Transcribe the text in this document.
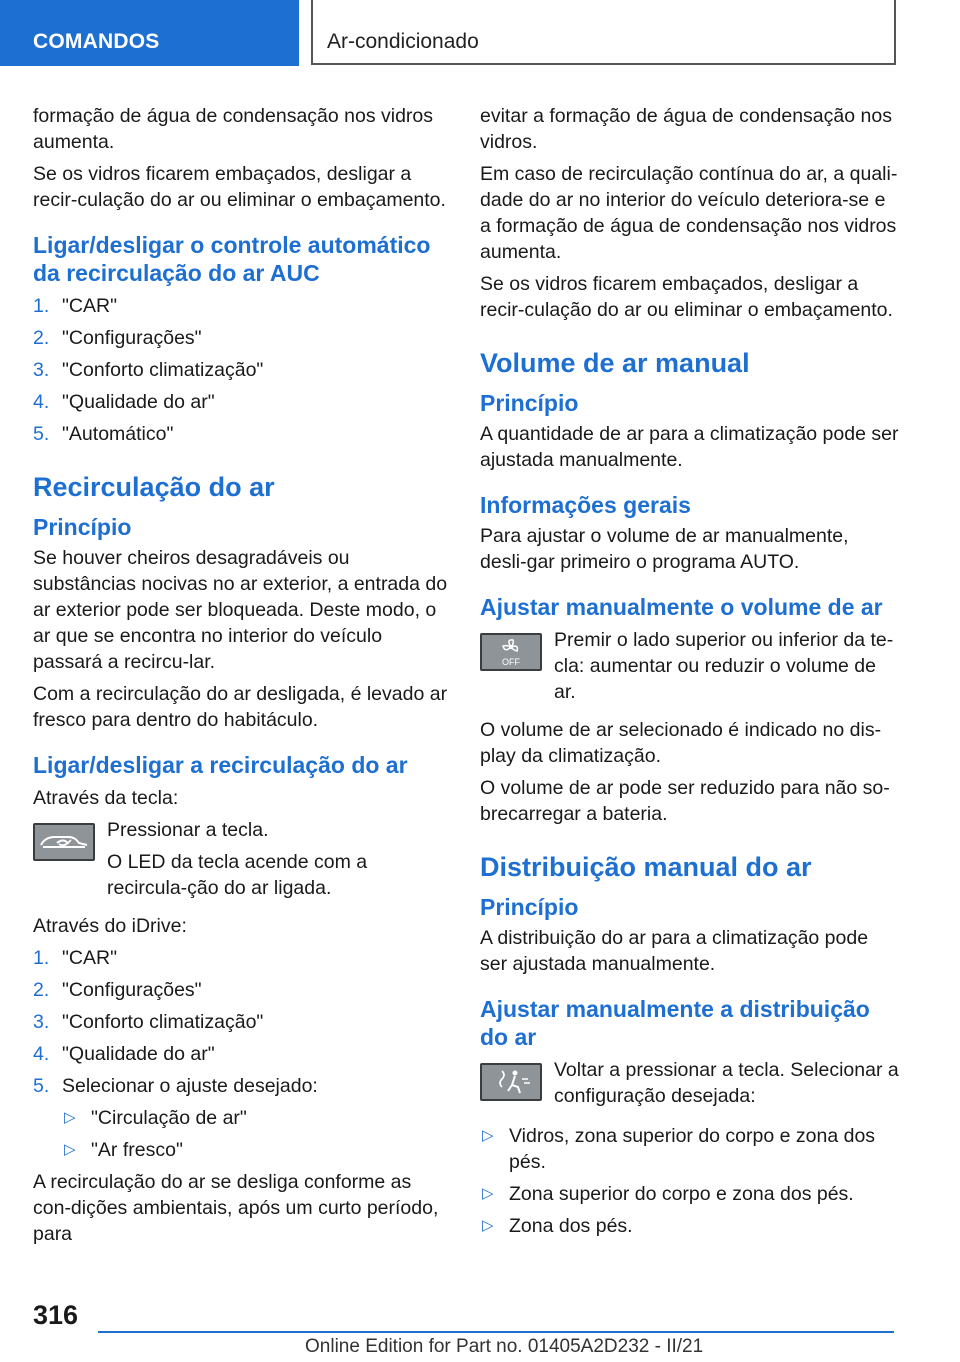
COMANDOS	Ar-condicionado

formação de água de condensação nos vidros aumenta.

Se os vidros ficarem embaçados, desligar a recir‐culação do ar ou eliminar o embaçamento.

Ligar/desligar o controle automático da recirculação do ar AUC
1. "CAR"
2. "Configurações"
3. "Conforto climatização"
4. "Qualidade do ar"
5. "Automático"
Recirculação do ar
Princípio

Se houver cheiros desagradáveis ou substâncias nocivas no ar exterior, a entrada do ar exterior pode ser bloqueada. Deste modo, o ar que se encontra no interior do veículo passará a recircu‐lar.

Com a recirculação do ar desligada, é levado ar fresco para dentro do habitáculo.

Ligar/desligar a recirculação do ar

Através da tecla:

Pressionar a tecla.

O LED da tecla acende com a recircula‐ção do ar ligada.

Através do iDrive:

1. "CAR"
2. "Configurações"
3. "Conforto climatização"
4. "Qualidade do ar"
5. Selecionar o ajuste desejado:
▷ "Circulação de ar"
▷ "Ar fresco"

A recirculação do ar se desliga conforme as con‐dições ambientais, após um curto período, para

evitar a formação de água de condensação nos vidros.

Em caso de recirculação contínua do ar, a quali‐dade do ar no interior do veículo deteriora-se e a formação de água de condensação nos vidros aumenta.

Se os vidros ficarem embaçados, desligar a recir‐culação do ar ou eliminar o embaçamento.

Volume de ar manual
Princípio

A quantidade de ar para a climatização pode ser ajustada manualmente.

Informações gerais

Para ajustar o volume de ar manualmente, desli‐gar primeiro o programa AUTO.

Ajustar manualmente o volume de ar
OFF

Premir o lado superior ou inferior da te‐cla: aumentar ou reduzir o volume de ar.

O volume de ar selecionado é indicado no dis‐play da climatização.

O volume de ar pode ser reduzido para não so‐brecarregar a bateria.

Distribuição manual do ar
Princípio

A distribuição do ar para a climatização pode ser ajustada manualmente.

Ajustar manualmente a distribuição do ar

Voltar a pressionar a tecla. Selecionar a configuração desejada:

▷ Vidros, zona superior do corpo e zona dos pés.
▷ Zona superior do corpo e zona dos pés.
▷ Zona dos pés.
316
Online Edition for Part no. 01405A2D232 - II/21
